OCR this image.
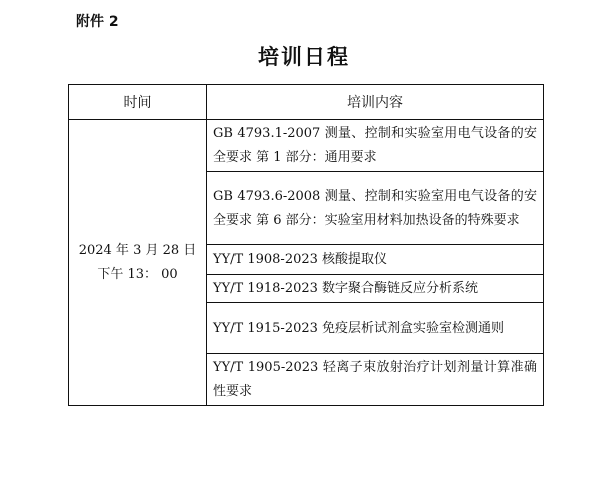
附件 2
培训日程
时间	培训内容

2024 年 3 月 28 日
下午 13： 00	GB 4793.1-2007 测量、控制和实验室用电气设备的安全要求 第 1 部分：通用要求
	GB 4793.6-2008 测量、控制和实验室用电气设备的安全要求 第 6 部分：实验室用材料加热设备的特殊要求
	YY/T 1908-2023 核酸提取仪
	YY/T 1918-2023 数字聚合酶链反应分析系统
	YY/T 1915-2023 免疫层析试剂盒实验室检测通则
	YY/T 1905-2023 轻离子束放射治疗计划剂量计算准确性要求
